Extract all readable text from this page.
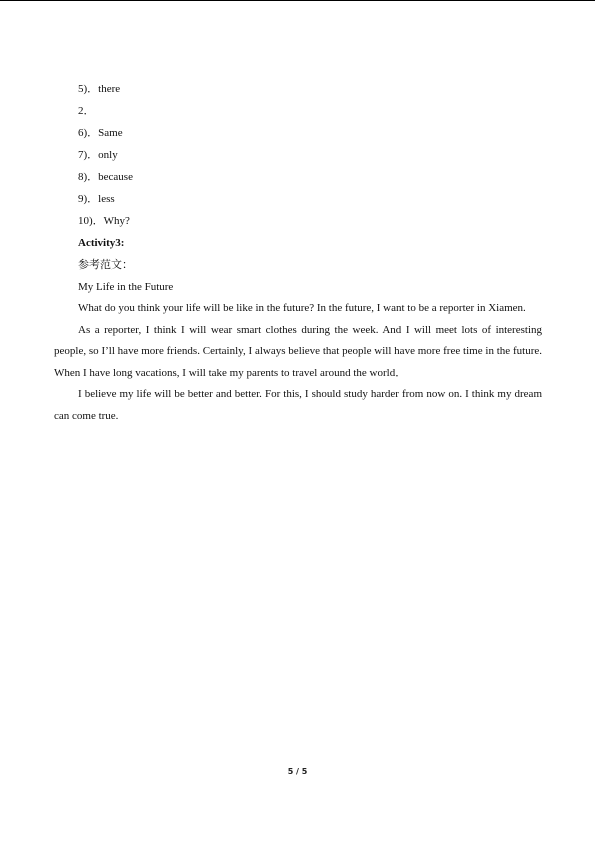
5)．there
2．
6)．Same
7)．only
8)．because
9)．less
10)．Why?
Activity3:
参考范文：
My Life in the Future
What do you think your life will be like in the future? In the future, I want to be a reporter in Xiamen.
As a reporter, I think I will wear smart clothes during the week. And I will meet lots of interesting people, so I’ll have more friends. Certainly, I always believe that people will have more free time in the future. When I have long vacations, I will take my parents to travel around the world．
I believe my life will be better and better. For this, I should study harder from now on. I think my dream can come true.
5 / 5
